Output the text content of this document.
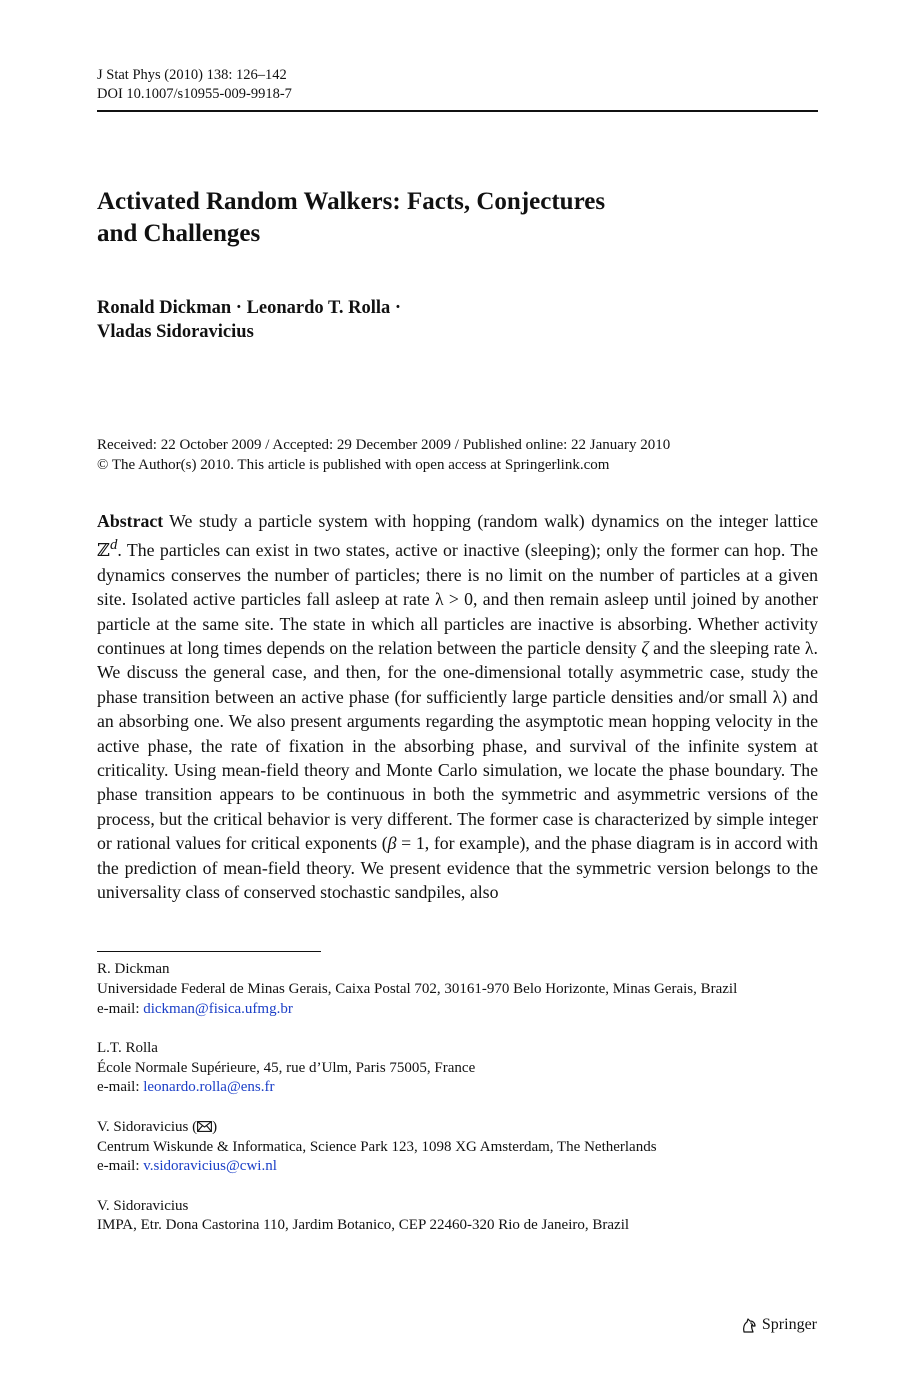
J Stat Phys (2010) 138: 126–142
DOI 10.1007/s10955-009-9918-7
Activated Random Walkers: Facts, Conjectures
and Challenges
Ronald Dickman · Leonardo T. Rolla ·
Vladas Sidoravicius
Received: 22 October 2009 / Accepted: 29 December 2009 / Published online: 22 January 2010
© The Author(s) 2010. This article is published with open access at Springerlink.com

Abstract We study a particle system with hopping (random walk) dynamics on the integer lattice ℤ$^d$. The particles can exist in two states, active or inactive (sleeping); only the former can hop. The dynamics conserves the number of particles; there is no limit on the number of particles at a given site. Isolated active particles fall asleep at rate λ > 0, and then remain asleep until joined by another particle at the same site. The state in which all particles are inactive is absorbing. Whether activity continues at long times depends on the relation between the particle density ζ and the sleeping rate λ. We discuss the general case, and then, for the one-dimensional totally asymmetric case, study the phase transition between an active phase (for sufficiently large particle densities and/or small λ) and an absorbing one. We also present arguments regarding the asymptotic mean hopping velocity in the active phase, the rate of fixation in the absorbing phase, and survival of the infinite system at criticality. Using mean-field theory and Monte Carlo simulation, we locate the phase boundary. The phase transition appears to be continuous in both the symmetric and asymmetric versions of the process, but the critical behavior is very different. The former case is characterized by simple integer or rational values for critical exponents (β = 1, for example), and the phase diagram is in accord with the prediction of mean-field theory. We present evidence that the symmetric version belongs to the universality class of conserved stochastic sandpiles, also

R. Dickman
Universidade Federal de Minas Gerais, Caixa Postal 702, 30161-970 Belo Horizonte, Minas Gerais, Brazil
e-mail: dickman@fisica.ufmg.br
L.T. Rolla
École Normale Supérieure, 45, rue d’Ulm, Paris 75005, France
e-mail: leonardo.rolla@ens.fr
V. Sidoravicius ( )
Centrum Wiskunde & Informatica, Science Park 123, 1098 XG Amsterdam, The Netherlands
e-mail: v.sidoravicius@cwi.nl
V. Sidoravicius
IMPA, Etr. Dona Castorina 110, Jardim Botanico, CEP 22460-320 Rio de Janeiro, Brazil
Springer
